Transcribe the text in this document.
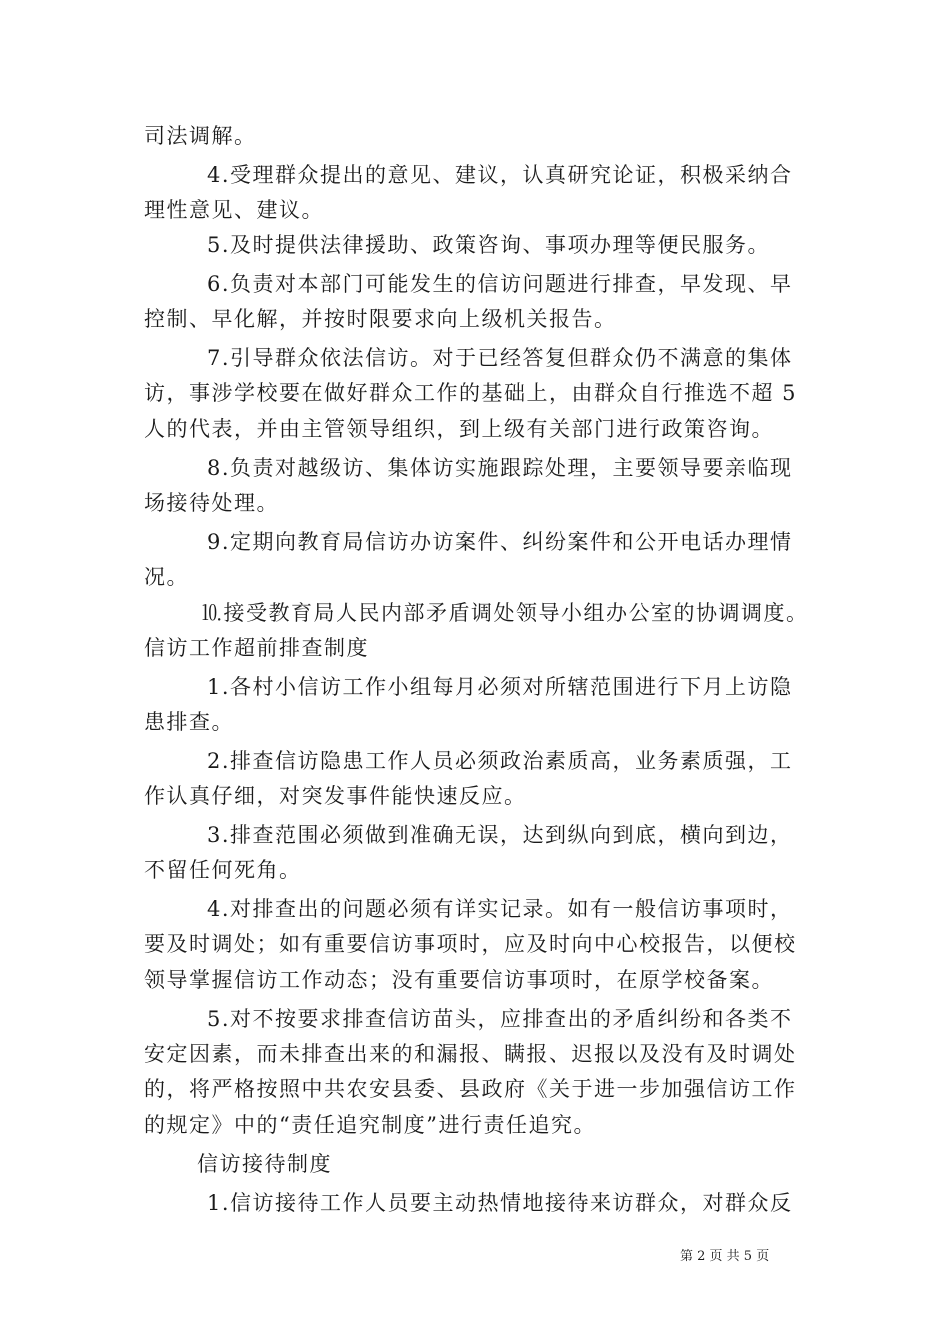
司法调解。
4.受理群众提出的意见、建议，认真研究论证，积极采纳合
理性意见、建议。
5.及时提供法律援助、政策咨询、事项办理等便民服务。
6.负责对本部门可能发生的信访问题进行排查，早发现、早
控制、早化解，并按时限要求向上级机关报告。
7.引导群众依法信访。对于已经答复但群众仍不满意的集体
访，事涉学校要在做好群众工作的基础上，由群众自行推选不超 5
人的代表，并由主管领导组织，到上级有关部门进行政策咨询。
8.负责对越级访、集体访实施跟踪处理，主要领导要亲临现
场接待处理。
9.定期向教育局信访办访案件、纠纷案件和公开电话办理情
况。
⒑接受教育局人民内部矛盾调处领导小组办公室的协调调度。
信访工作超前排查制度
1.各村小信访工作小组每月必须对所辖范围进行下月上访隐
患排查。
2.排查信访隐患工作人员必须政治素质高，业务素质强，工
作认真仔细，对突发事件能快速反应。
3.排查范围必须做到准确无误，达到纵向到底，横向到边，
不留任何死角。
4.对排查出的问题必须有详实记录。如有一般信访事项时，
要及时调处；如有重要信访事项时，应及时向中心校报告，以便校
领导掌握信访工作动态；没有重要信访事项时，在原学校备案。
5.对不按要求排查信访苗头，应排查出的矛盾纠纷和各类不
安定因素，而未排查出来的和漏报、瞒报、迟报以及没有及时调处
的，将严格按照中共农安县委、县政府《关于进一步加强信访工作
的规定》中的“责任追究制度”进行责任追究。
信访接待制度
1.信访接待工作人员要主动热情地接待来访群众，对群众反
第 2 页 共 5 页
